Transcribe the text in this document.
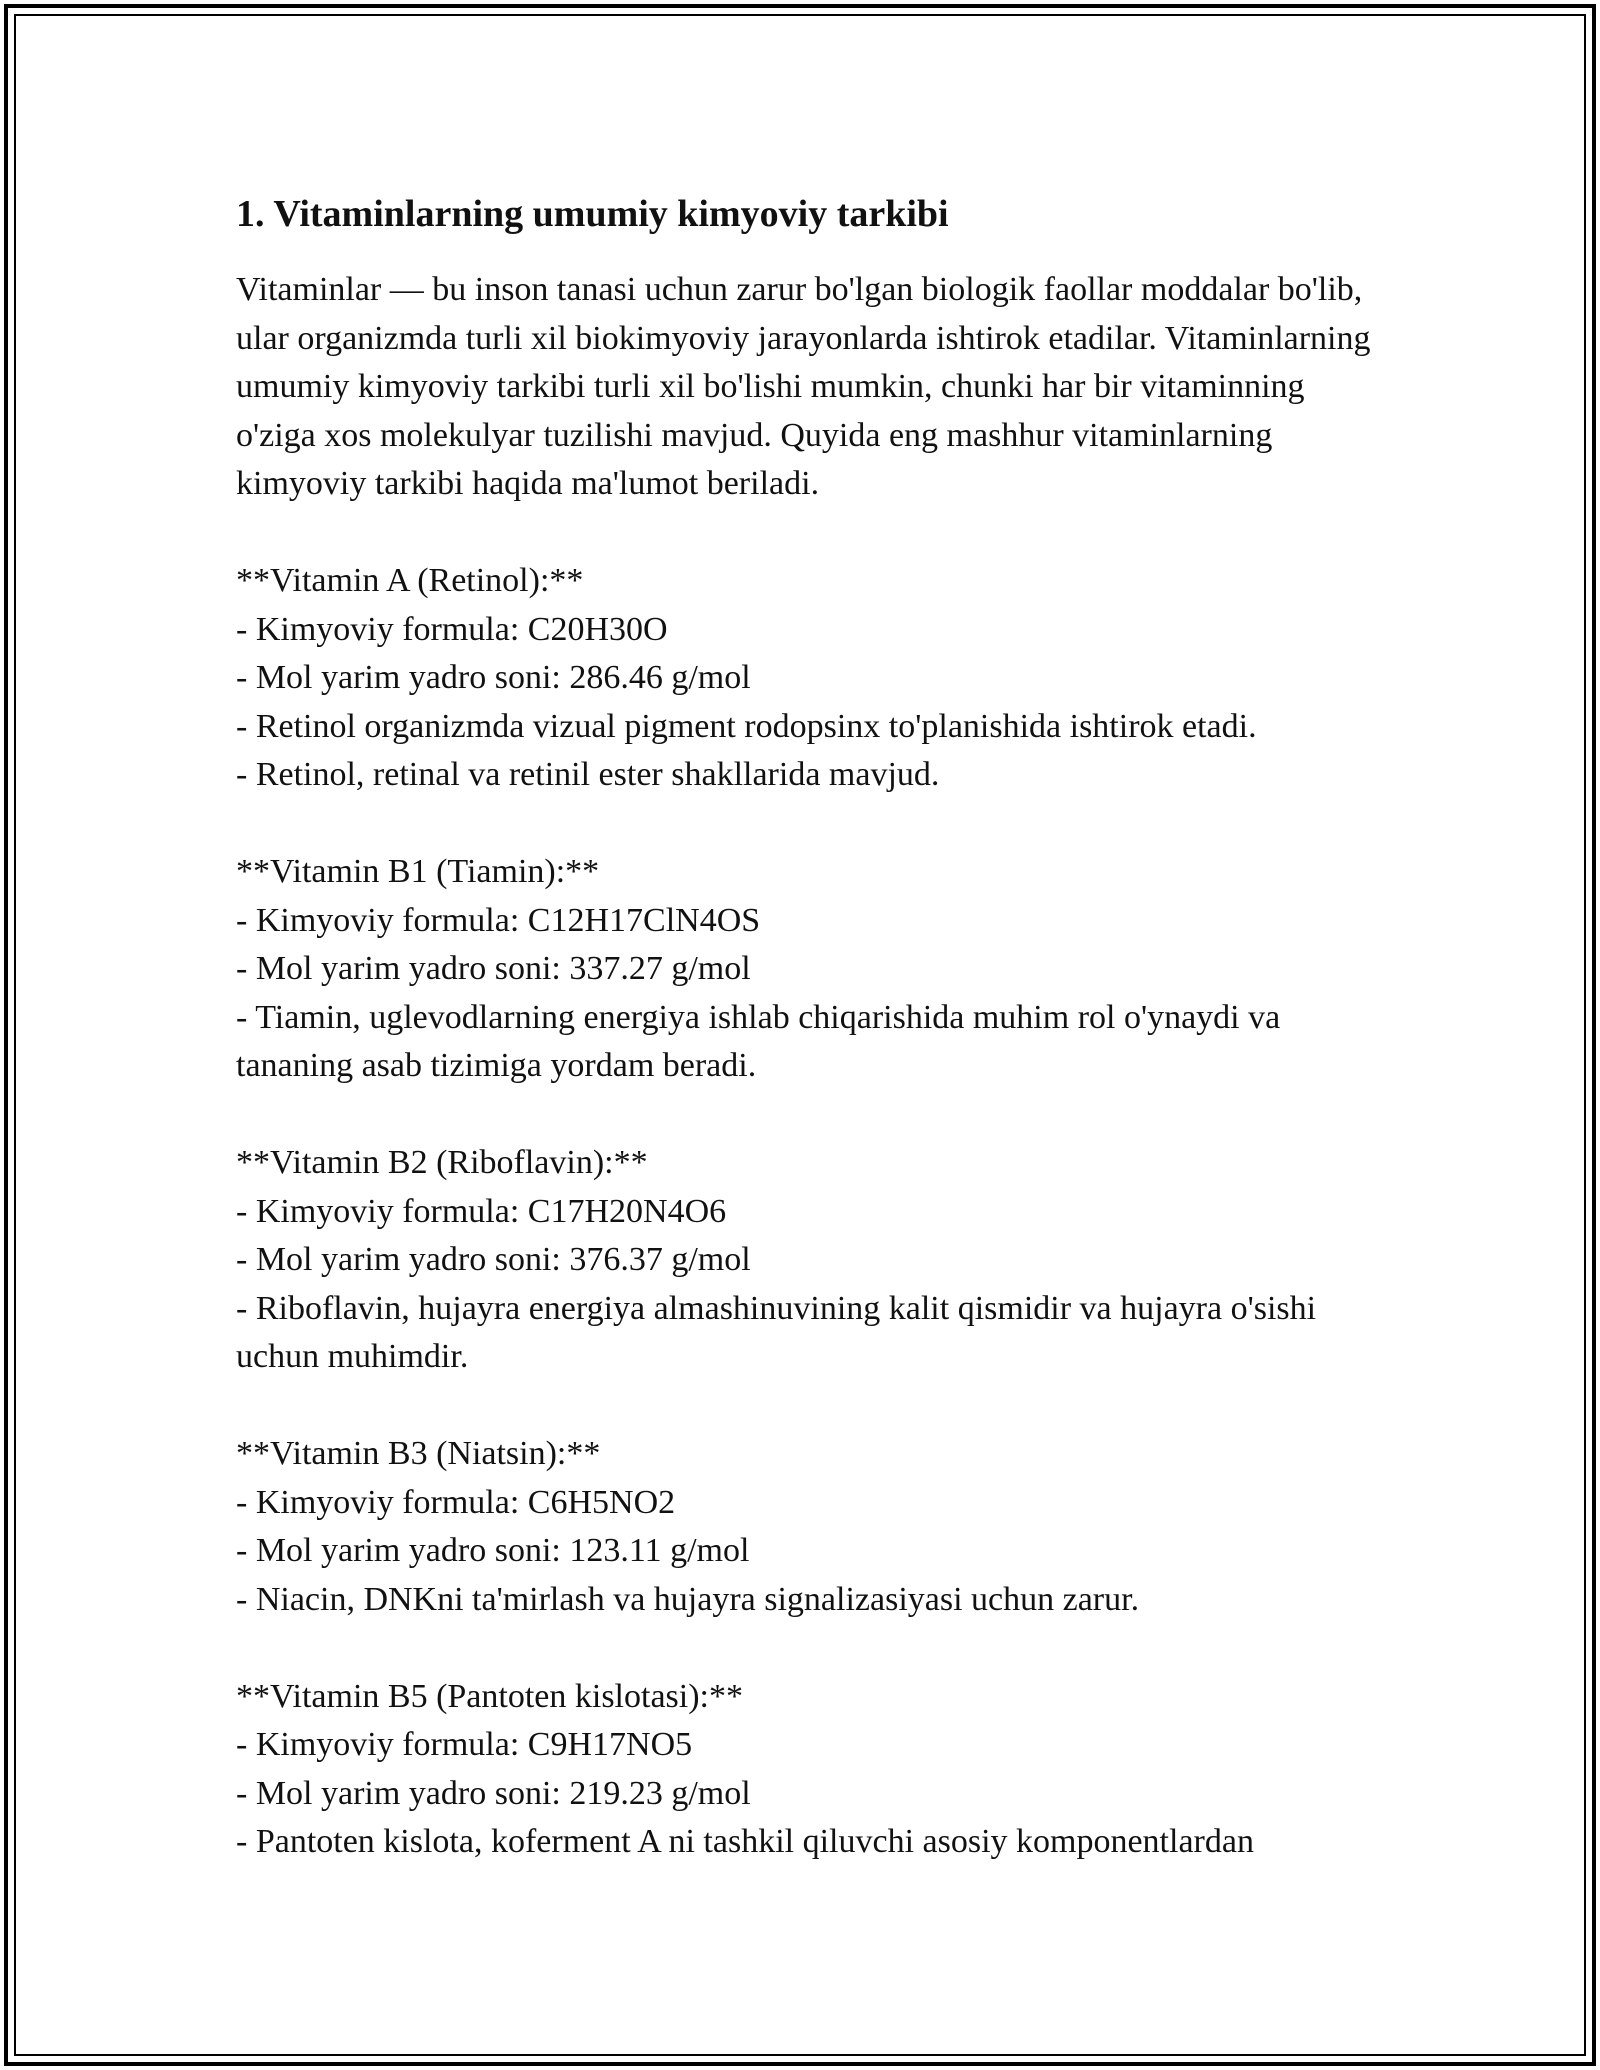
1. Vitaminlarning umumiy kimyoviy tarkibi
Vitaminlar — bu inson tanasi uchun zarur bo'lgan biologik faollar moddalar bo'lib, ular organizmda turli xil biokimyoviy jarayonlarda ishtirok etadilar. Vitaminlarning umumiy kimyoviy tarkibi turli xil bo'lishi mumkin, chunki har bir vitaminning o'ziga xos molekulyar tuzilishi mavjud. Quyida eng mashhur vitaminlarning kimyoviy tarkibi haqida ma'lumot beriladi.
**Vitamin A (Retinol):**
- Kimyoviy formula: C20H30O
- Mol yarim yadro soni: 286.46 g/mol
- Retinol organizmda vizual pigment rodopsinx to'planishida ishtirok etadi.
- Retinol, retinal va retinil ester shakllarida mavjud.
**Vitamin B1 (Tiamin):**
- Kimyoviy formula: C12H17ClN4OS
- Mol yarim yadro soni: 337.27 g/mol
- Tiamin, uglevodlarning energiya ishlab chiqarishida muhim rol o'ynaydi va tananing asab tizimiga yordam beradi.
**Vitamin B2 (Riboflavin):**
- Kimyoviy formula: C17H20N4O6
- Mol yarim yadro soni: 376.37 g/mol
- Riboflavin, hujayra energiya almashinuvining kalit qismidir va hujayra o'sishi uchun muhimdir.
**Vitamin B3 (Niatsin):**
- Kimyoviy formula: C6H5NO2
- Mol yarim yadro soni: 123.11 g/mol
- Niacin, DNKni ta'mirlash va hujayra signalizasiyasi uchun zarur.
**Vitamin B5 (Pantoten kislotasi):**
- Kimyoviy formula: C9H17NO5
- Mol yarim yadro soni: 219.23 g/mol
- Pantoten kislota, koferment A ni tashkil qiluvchi asosiy komponentlardan
